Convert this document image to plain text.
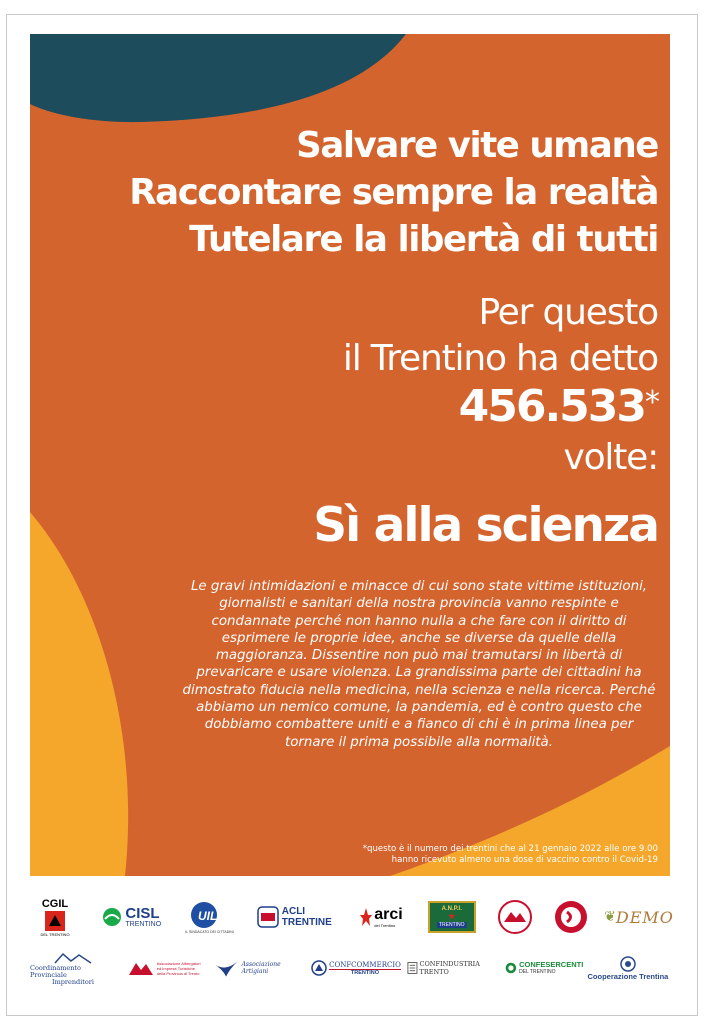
Salvare vite umane
Raccontare sempre la realtà
Tutelare la libertà di tutti
Per questo
il Trentino ha detto
456.533*
volte:
Sì alla scienza
Le gravi intimidazioni e minacce di cui sono state vittime istituzioni, giornalisti e sanitari della nostra provincia vanno respinte e condannate perché non hanno nulla a che fare con il diritto di esprimere le proprie idee, anche se diverse da quelle della maggioranza. Dissentire non può mai tramutarsi in libertà di prevaricare e usare violenza. La grandissima parte dei cittadini ha dimostrato fiducia nella medicina, nella scienza e nella ricerca. Perché abbiamo un nemico comune, la pandemia, ed è contro questo che dobbiamo combattere uniti e a fianco di chi è in prima linea per tornare il prima possibile alla normalità.
*questo è il numero dei trentini che al 21 gennaio 2022 alle ore 9.00
hanno ricevuto almeno una dose di vaccino contro il Covid-19
CGIL
DEL TRENTINO
CISL
TRENTINO
UIL
IL SINDACATO DEI CITTADINI
ACLI
TRENTINE	arci
del Trentino
A.N.P.I.
★
TRENTINO	❦ DEMO
Coordinamento Provinciale
Imprenditori
Associazione Albergatori
ed Imprese Turistiche
della Provincia di Trento
Associazione Artigiani
CONFCOMMERCIO
TRENTINO
CONFINDUSTRIA TRENTO
CONFESERCENTI
DEL TRENTINO	Cooperazione Trentina
